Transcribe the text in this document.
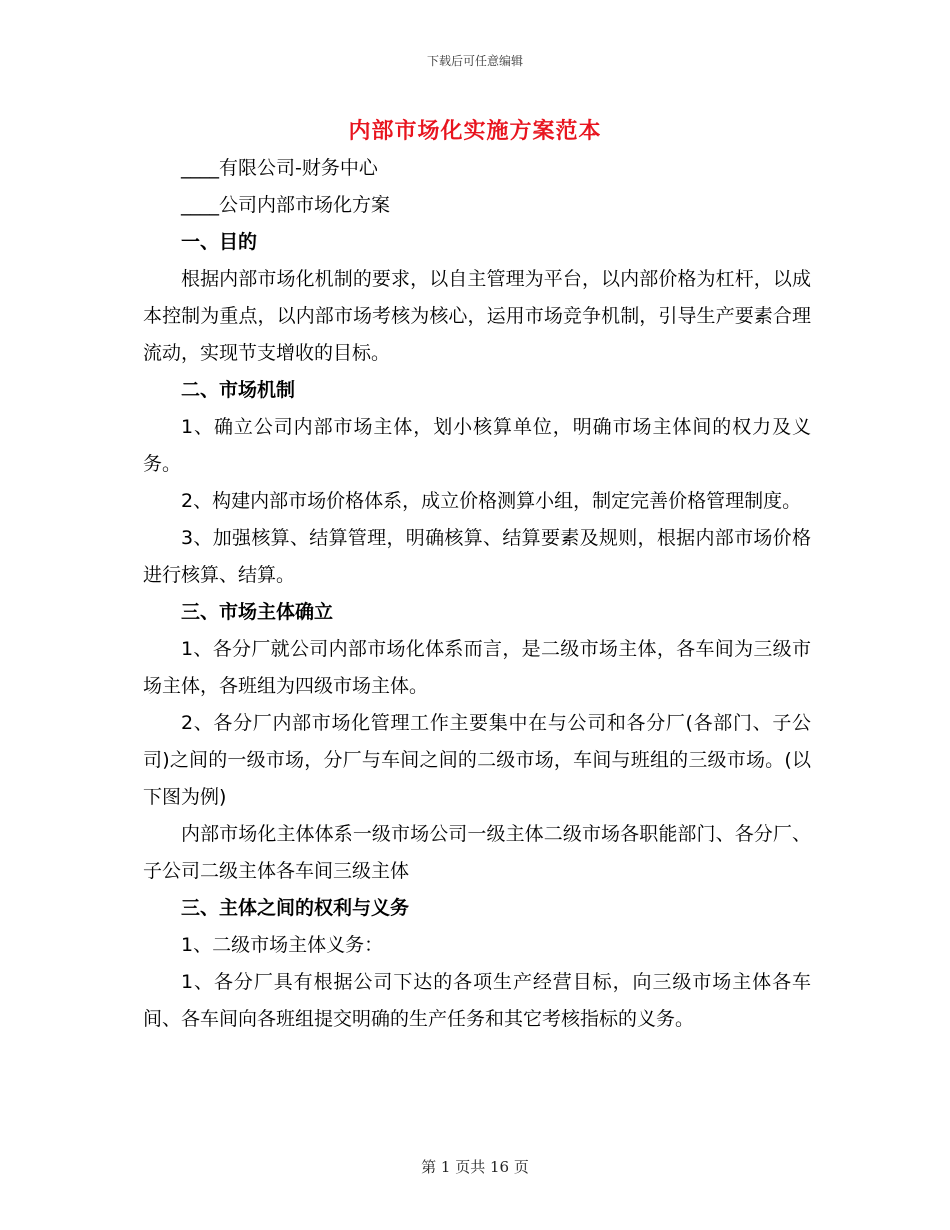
下载后可任意编辑
内部市场化实施方案范本

____有限公司-财务中心

____公司内部市场化方案

一、目的

根据内部市场化机制的要求，以自主管理为平台，以内部价格为杠杆，以成本控制为重点，以内部市场考核为核心，运用市场竞争机制，引导生产要素合理流动，实现节支增收的目标。

二、市场机制

1、确立公司内部市场主体，划小核算单位，明确市场主体间的权力及义务。

2、构建内部市场价格体系，成立价格测算小组，制定完善价格管理制度。

3、加强核算、结算管理，明确核算、结算要素及规则，根据内部市场价格进行核算、结算。

三、市场主体确立

1、各分厂就公司内部市场化体系而言，是二级市场主体，各车间为三级市场主体，各班组为四级市场主体。

2、各分厂内部市场化管理工作主要集中在与公司和各分厂(各部门、子公司)之间的一级市场，分厂与车间之间的二级市场，车间与班组的三级市场。(以下图为例)

内部市场化主体体系一级市场公司一级主体二级市场各职能部门、各分厂、子公司二级主体各车间三级主体

三、主体之间的权利与义务

1、二级市场主体义务：

1、各分厂具有根据公司下达的各项生产经营目标，向三级市场主体各车间、各车间向各班组提交明确的生产任务和其它考核指标的义务。

第 1 页共 16 页
